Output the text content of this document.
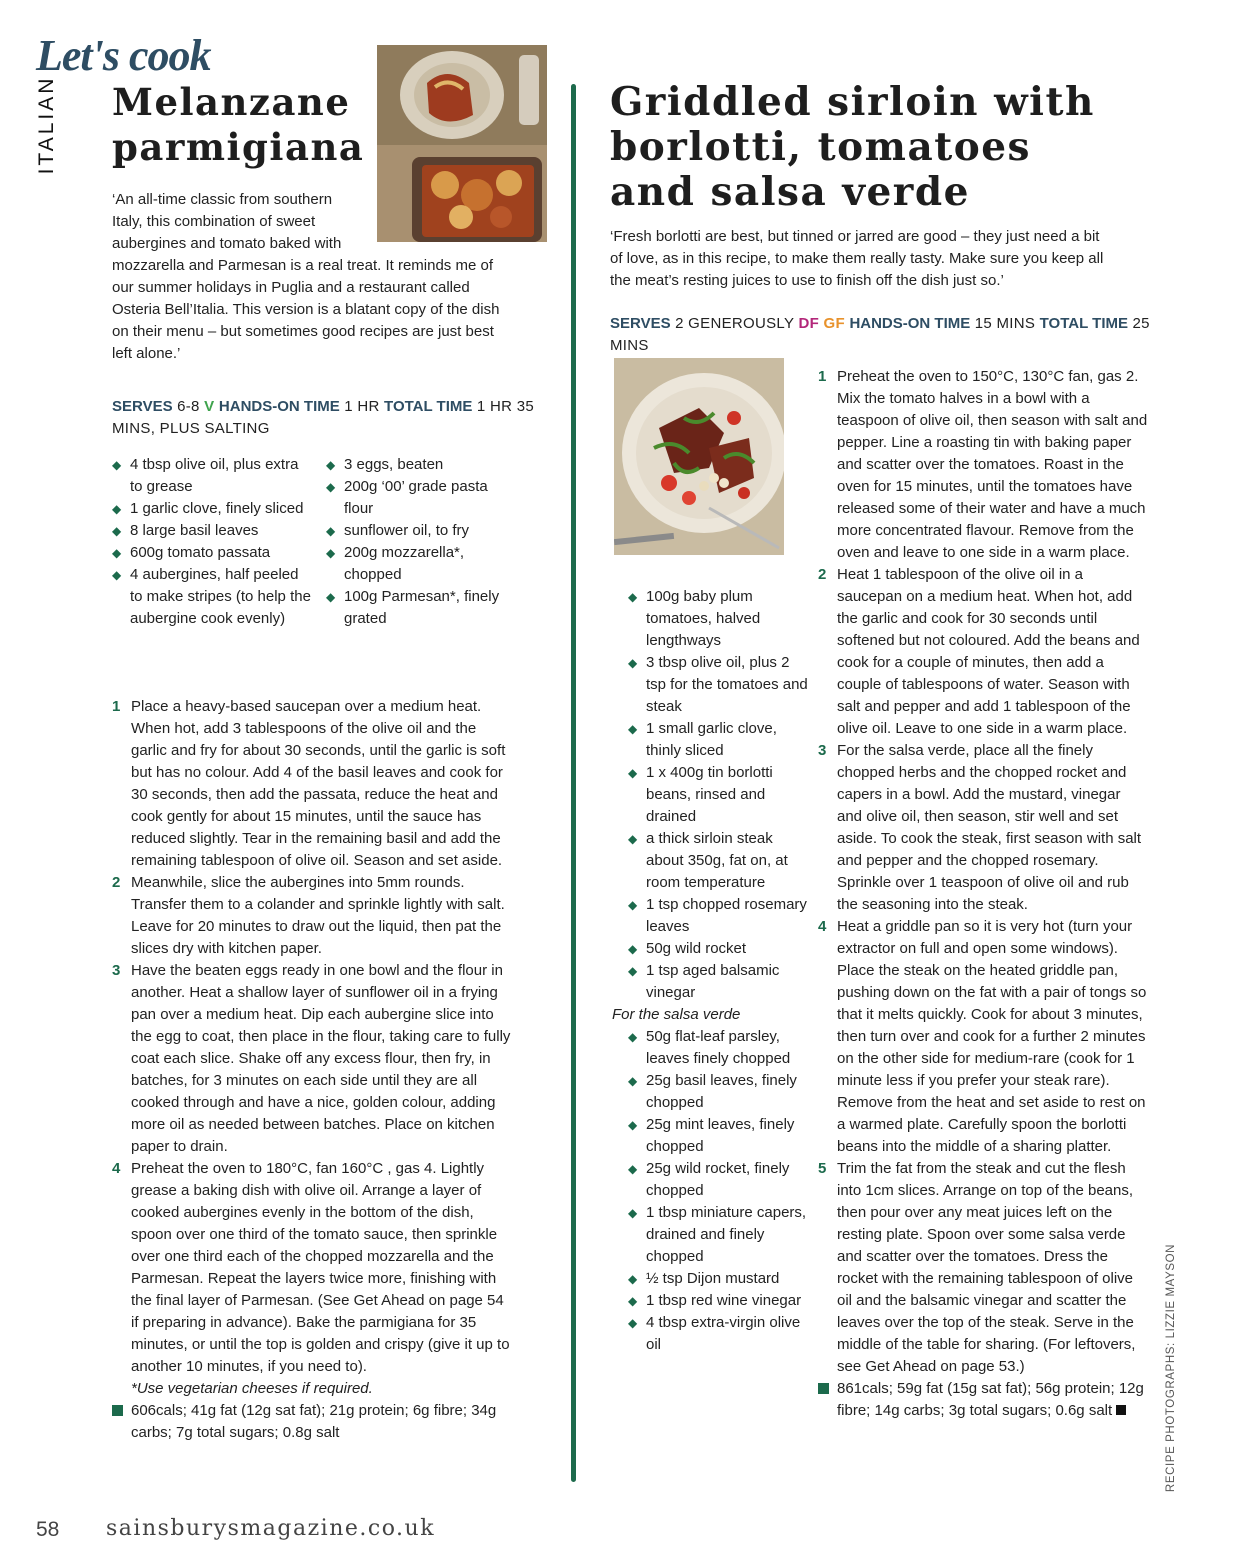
Let's cook
ITALIAN Melanzane parmigiana

‘An all-time classic from southern Italy, this combination of sweet aubergines and tomato baked with
mozzarella and Parmesan is a real treat. It reminds me of our summer holidays in Puglia and a restaurant called Osteria Bell’Italia. This version is a blatant copy of the dish on their menu – but sometimes good recipes are just best left alone.’

SERVES 6-8 V HANDS-ON TIME 1 HR TOTAL TIME 1 HR 35 MINS, PLUS SALTING

◆ 4 tbsp olive oil, plus extra to grease
◆ 1 garlic clove, finely sliced
◆ 8 large basil leaves
◆ 600g tomato passata
◆ 4 aubergines, half peeled to make stripes (to help the aubergine cook evenly)
◆ 3 eggs, beaten
◆ 200g ‘00’ grade pasta flour
◆ sunflower oil, to fry
◆ 200g mozzarella*, chopped
◆ 100g Parmesan*, finely grated
1 Place a heavy-based saucepan over a medium heat. When hot, add 3 tablespoons of the olive oil and the garlic and fry for about 30 seconds, until the garlic is soft but has no colour. Add 4 of the basil leaves and cook for 30 seconds, then add the passata, reduce the heat and cook gently for about 15 minutes, until the sauce has reduced slightly. Tear in the remaining basil and add the remaining tablespoon of olive oil. Season and set aside.
2 Meanwhile, slice the aubergines into 5mm rounds. Transfer them to a colander and sprinkle lightly with salt. Leave for 20 minutes to draw out the liquid, then pat the slices dry with kitchen paper.
3 Have the beaten eggs ready in one bowl and the flour in another. Heat a shallow layer of sunflower oil in a frying pan over a medium heat. Dip each aubergine slice into the egg to coat, then place in the flour, taking care to fully coat each slice. Shake off any excess flour, then fry, in batches, for 3 minutes on each side until they are all cooked through and have a nice, golden colour, adding more oil as needed between batches. Place on kitchen paper to drain.
4 Preheat the oven to 180°C, fan 160°C , gas 4. Lightly grease a baking dish with olive oil. Arrange a layer of cooked aubergines evenly in the bottom of the dish, spoon over one third of the tomato sauce, then sprinkle over one third each of the chopped mozzarella and the Parmesan. Repeat the layers twice more, finishing with the final layer of Parmesan. (See Get Ahead on page 54 if preparing in advance). Bake the parmigiana for 35 minutes, or until the top is golden and crispy (give it up to another 10 minutes, if you need to).

*Use vegetarian cheeses if required.

606cals; 41g fat (12g sat fat); 21g protein; 6g fibre; 34g carbs; 7g total sugars; 0.8g salt

Griddled sirloin with borlotti, tomatoes and salsa verde

‘Fresh borlotti are best, but tinned or jarred are good – they just need a bit of love, as in this recipe, to make them really tasty. Make sure you keep all the meat’s resting juices to use to finish off the dish just so.’

SERVES 2 GENEROUSLY DF GF HANDS-ON TIME 15 MINS TOTAL TIME 25 MINS

◆ 100g baby plum tomatoes, halved lengthways
◆ 3 tbsp olive oil, plus 2 tsp for the tomatoes and steak
◆ 1 small garlic clove, thinly sliced
◆ 1 x 400g tin borlotti beans, rinsed and drained
◆ a thick sirloin steak about 350g, fat on, at room temperature
◆ 1 tsp chopped rosemary leaves
◆ 50g wild rocket
◆ 1 tsp aged balsamic vinegar

For the salsa verde

◆ 50g flat-leaf parsley, leaves finely chopped
◆ 25g basil leaves, finely chopped
◆ 25g mint leaves, finely chopped
◆ 25g wild rocket, finely chopped
◆ 1 tbsp miniature capers, drained and finely chopped
◆ ½ tsp Dijon mustard
◆ 1 tbsp red wine vinegar
◆ 4 tbsp extra-virgin olive oil
1 Preheat the oven to 150°C, 130°C fan, gas 2. Mix the tomato halves in a bowl with a teaspoon of olive oil, then season with salt and pepper. Line a roasting tin with baking paper and scatter over the tomatoes. Roast in the oven for 15 minutes, until the tomatoes have released some of their water and have a much more concentrated flavour. Remove from the oven and leave to one side in a warm place.
2 Heat 1 tablespoon of the olive oil in a saucepan on a medium heat. When hot, add the garlic and cook for 30 seconds until softened but not coloured. Add the beans and cook for a couple of minutes, then add a couple of tablespoons of water. Season with salt and pepper and add 1 tablespoon of the olive oil. Leave to one side in a warm place.
3 For the salsa verde, place all the finely chopped herbs and the chopped rocket and capers in a bowl. Add the mustard, vinegar and olive oil, then season, stir well and set aside. To cook the steak, first season with salt and pepper and the chopped rosemary. Sprinkle over 1 teaspoon of olive oil and rub the seasoning into the steak.
4 Heat a griddle pan so it is very hot (turn your extractor on full and open some windows). Place the steak on the heated griddle pan, pushing down on the fat with a pair of tongs so that it melts quickly. Cook for about 3 minutes, then turn over and cook for a further 2 minutes on the other side for medium-rare (cook for 1 minute less if you prefer your steak rare). Remove from the heat and set aside to rest on a warmed plate. Carefully spoon the borlotti beans into the middle of a sharing platter.
5 Trim the fat from the steak and cut the flesh into 1cm slices. Arrange on top of the beans, then pour over any meat juices left on the resting plate. Spoon over some salsa verde and scatter over the tomatoes. Dress the rocket with the remaining tablespoon of olive oil and the balsamic vinegar and scatter the leaves over the top of the steak. Serve in the middle of the table for sharing. (For leftovers, see Get Ahead on page 53.)

861cals; 59g fat (15g sat fat); 56g protein; 12g fibre; 14g carbs; 3g total sugars; 0.6g salt	RECIPE PHOTOGRAPHS: LIZZIE MAYSON

58 sainsburysmagazine.co.uk
